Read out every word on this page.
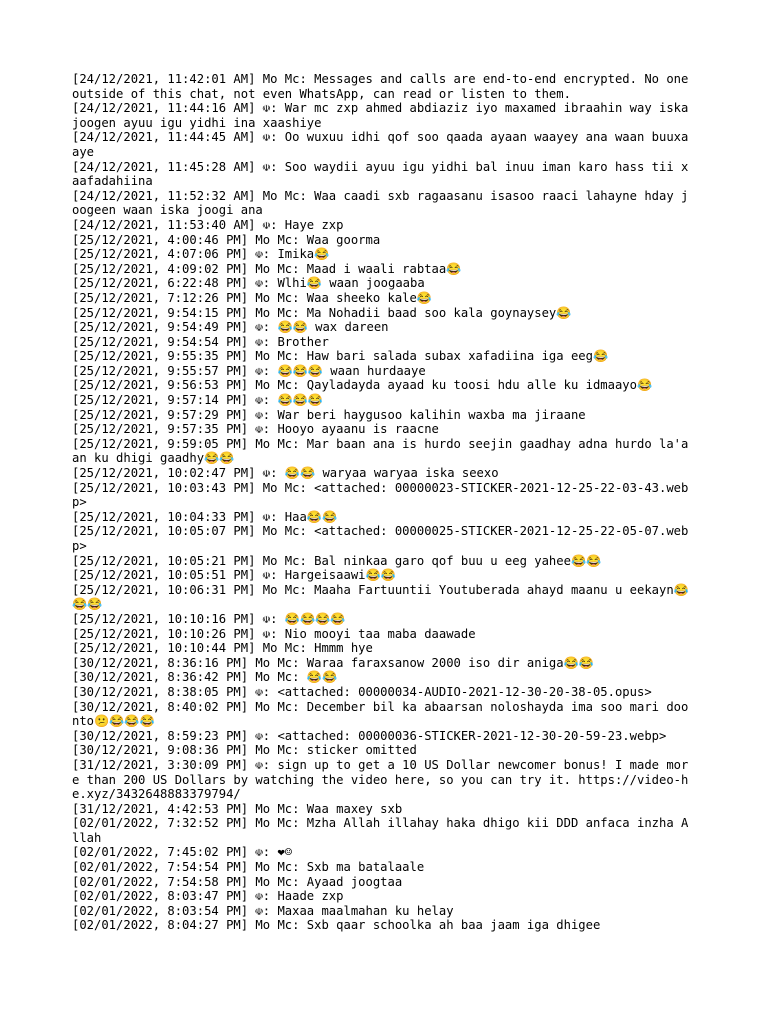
[24/12/2021, 11:42:01 AM] Mo Mc: Messages and calls are end-to-end encrypted. No one outside of this chat, not even WhatsApp, can read or listen to them.
[24/12/2021, 11:44:16 AM] ☫: War mc zxp ahmed abdiaziz iyo maxamed ibraahin way iska joogen ayuu igu yidhi ina xaashiye
[24/12/2021, 11:44:45 AM] ☫: Oo wuxuu idhi qof soo qaada ayaan waayey ana waan buuxaaye
[24/12/2021, 11:45:28 AM] ☫: Soo waydii ayuu igu yidhi bal inuu iman karo hass tii xaafadahiina
[24/12/2021, 11:52:32 AM] Mo Mc: Waa caadi sxb ragaasanu isasoo raaci lahayne hday joogeen waan iska joogi ana
[24/12/2021, 11:53:40 AM] ☫: Haye zxp
[25/12/2021, 4:00:46 PM] Mo Mc: Waa goorma
[25/12/2021, 4:07:06 PM] ☫: Imika😂
[25/12/2021, 4:09:02 PM] Mo Mc: Maad i waali rabtaa😂
[25/12/2021, 6:22:48 PM] ☫: Wlhi😂 waan joogaaba
[25/12/2021, 7:12:26 PM] Mo Mc: Waa sheeko kale😂
[25/12/2021, 9:54:15 PM] Mo Mc: Ma Nohadii baad soo kala goynaysey😂
[25/12/2021, 9:54:49 PM] ☫: 😂😂 wax dareen
[25/12/2021, 9:54:54 PM] ☫: Brother
[25/12/2021, 9:55:35 PM] Mo Mc: Haw bari salada subax xafadiina iga eeg😂
[25/12/2021, 9:55:57 PM] ☫: 😂😂😂 waan hurdaaye
[25/12/2021, 9:56:53 PM] Mo Mc: Qayladayda ayaad ku toosi hdu alle ku idmaayo😂
[25/12/2021, 9:57:14 PM] ☫: 😂😂😂
[25/12/2021, 9:57:29 PM] ☫: War beri haygusoo kalihin waxba ma jiraane
[25/12/2021, 9:57:35 PM] ☫: Hooyo ayaanu is raacne
[25/12/2021, 9:59:05 PM] Mo Mc: Mar baan ana is hurdo seejin gaadhay adna hurdo la'aan ku dhigi gaadhy😂😂
[25/12/2021, 10:02:47 PM] ☫: 😂😂 waryaa waryaa iska seexo
[25/12/2021, 10:03:43 PM] Mo Mc: <attached: 00000023-STICKER-2021-12-25-22-03-43.webp>
[25/12/2021, 10:04:33 PM] ☫: Haa😂😂
[25/12/2021, 10:05:07 PM] Mo Mc: <attached: 00000025-STICKER-2021-12-25-22-05-07.webp>
[25/12/2021, 10:05:21 PM] Mo Mc: Bal ninkaa garo qof buu u eeg yahee😂😂
[25/12/2021, 10:05:51 PM] ☫: Hargeisaawi😂😂
[25/12/2021, 10:06:31 PM] Mo Mc: Maaha Fartuuntii Youtuberada ahayd maanu u eekayn😂😂😂
[25/12/2021, 10:10:16 PM] ☫: 😂😂😂😂
[25/12/2021, 10:10:26 PM] ☫: Nio mooyi taa maba daawade
[25/12/2021, 10:10:44 PM] Mo Mc: Hmmm hye
[30/12/2021, 8:36:16 PM] Mo Mc: Waraa faraxsanow 2000 iso dir aniga😂😂
[30/12/2021, 8:36:42 PM] Mo Mc: 😂😂
[30/12/2021, 8:38:05 PM] ☫: <attached: 00000034-AUDIO-2021-12-30-20-38-05.opus>
[30/12/2021, 8:40:02 PM] Mo Mc: December bil ka abaarsan noloshayda ima soo mari doonto😕😂😂😂
[30/12/2021, 8:59:23 PM] ☫: <attached: 00000036-STICKER-2021-12-30-20-59-23.webp>
[30/12/2021, 9:08:36 PM] Mo Mc: sticker omitted
[31/12/2021, 3:30:09 PM] ☫: sign up to get a 10 US Dollar newcomer bonus! I made more than 200 US Dollars by watching the video here, so you can try it. https://video-he.xyz/3432648883379794/
[31/12/2021, 4:42:53 PM] Mo Mc: Waa maxey sxb
[02/01/2022, 7:32:52 PM] Mo Mc: Mzha Allah illahay haka dhigo kii DDD anfaca inzha Allah
[02/01/2022, 7:45:02 PM] ☫: ❤☺
[02/01/2022, 7:54:54 PM] Mo Mc: Sxb ma batalaale
[02/01/2022, 7:54:58 PM] Mo Mc: Ayaad joogtaa
[02/01/2022, 8:03:47 PM] ☫: Haade zxp
[02/01/2022, 8:03:54 PM] ☫: Maxaa maalmahan ku helay
[02/01/2022, 8:04:27 PM] Mo Mc: Sxb qaar schoolka ah baa jaam iga dhigee
